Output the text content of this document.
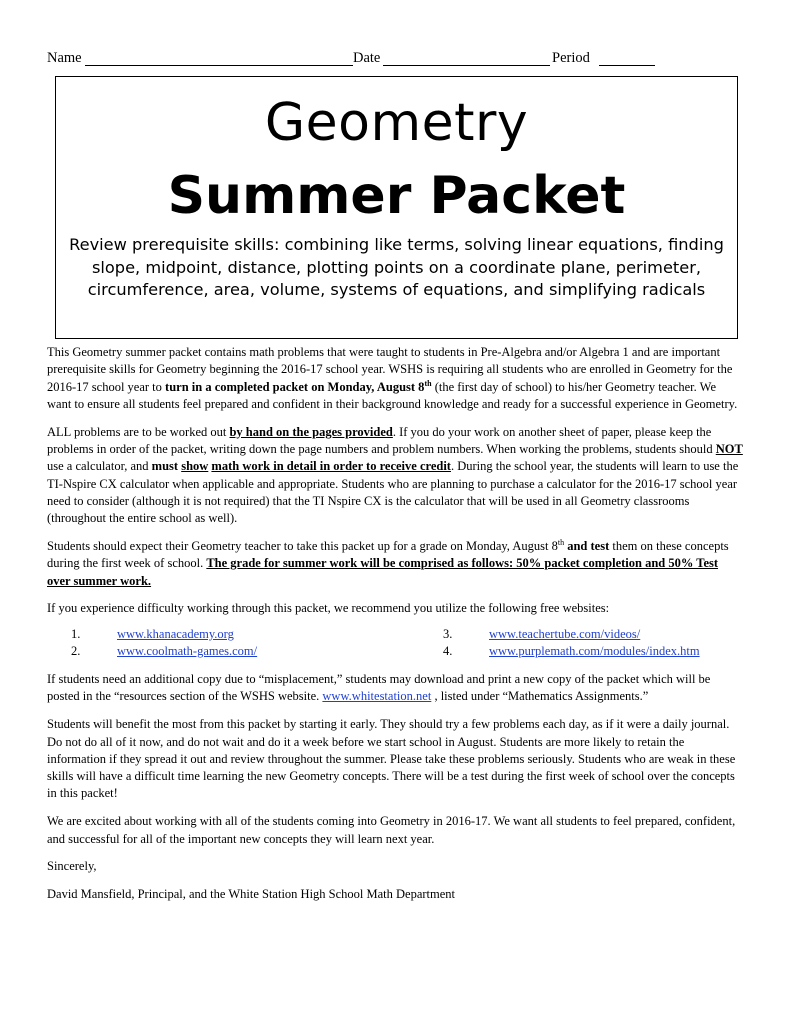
Name	Date	Period
Geometry
Summer Packet
Review prerequisite skills: combining like terms, solving linear equations, finding slope, midpoint, distance, plotting points on a coordinate plane, perimeter, circumference, area, volume, systems of equations, and simplifying radicals

This Geometry summer packet contains math problems that were taught to students in Pre-Algebra and/or Algebra 1 and are important prerequisite skills for Geometry beginning the 2016-17 school year. WSHS is requiring all students who are enrolled in Geometry for the 2016-17 school year to turn in a completed packet on Monday, August 8th (the first day of school) to his/her Geometry teacher. We want to ensure all students feel prepared and confident in their background knowledge and ready for a successful experience in Geometry.

ALL problems are to be worked out by hand on the pages provided. If you do your work on another sheet of paper, please keep the problems in order of the packet, writing down the page numbers and problem numbers. When working the problems, students should NOT use a calculator, and must show math work in detail in order to receive credit. During the school year, the students will learn to use the TI-Nspire CX calculator when applicable and appropriate. Students who are planning to purchase a calculator for the 2016-17 school year need to consider (although it is not required) that the TI Nspire CX is the calculator that will be used in all Geometry classrooms (throughout the entire school as well).

Students should expect their Geometry teacher to take this packet up for a grade on Monday, August 8th and test them on these concepts during the first week of school. The grade for summer work will be comprised as follows: 50% packet completion and 50% Test over summer work.

If you experience difficulty working through this packet, we recommend you utilize the following free websites:

1.	www.khanacademy.org
2.	www.coolmath-games.com/
3.	www.teachertube.com/videos/
4.	www.purplemath.com/modules/index.htm

If students need an additional copy due to “misplacement,” students may download and print a new copy of the packet which will be posted in the “resources section of the WSHS website. www.whitestation.net , listed under “Mathematics Assignments.”

Students will benefit the most from this packet by starting it early. They should try a few problems each day, as if it were a daily journal. Do not do all of it now, and do not wait and do it a week before we start school in August. Students are more likely to retain the information if they spread it out and review throughout the summer. Please take these problems seriously. Students who are weak in these skills will have a difficult time learning the new Geometry concepts. There will be a test during the first week of school over the concepts in this packet!

We are excited about working with all of the students coming into Geometry in 2016-17. We want all students to feel prepared, confident, and successful for all of the important new concepts they will learn next year.

Sincerely,

David Mansfield, Principal, and the White Station High School Math Department
